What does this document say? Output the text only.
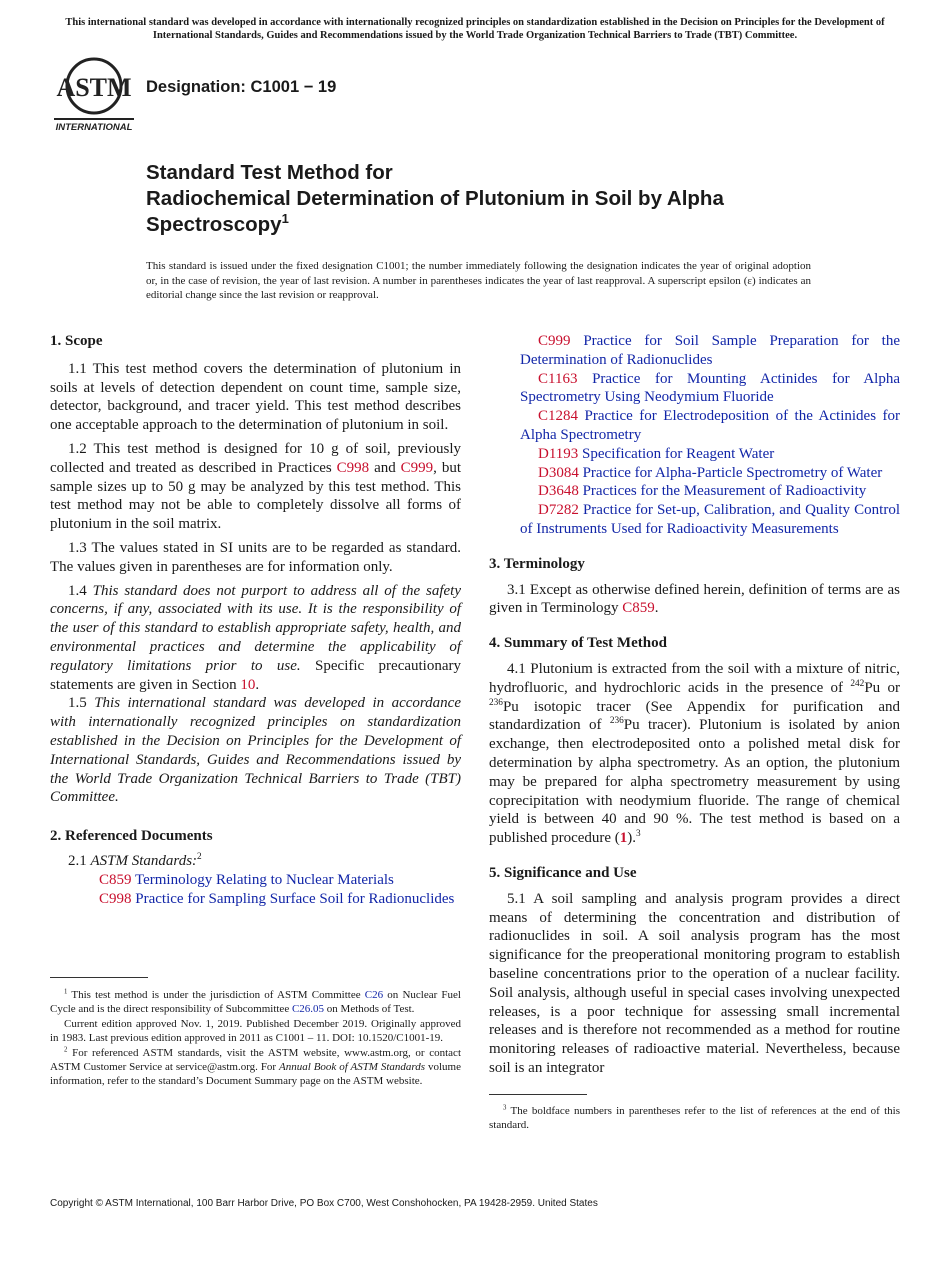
This international standard was developed in accordance with internationally recognized principles on standardization established in the Decision on Principles for the Development of International Standards, Guides and Recommendations issued by the World Trade Organization Technical Barriers to Trade (TBT) Committee.
ASTM
INTERNATIONAL
Designation: C1001 − 19
Standard Test Method for
Radiochemical Determination of Plutonium in Soil by Alpha Spectroscopy$^1$
This standard is issued under the fixed designation C1001; the number immediately following the designation indicates the year of original adoption or, in the case of revision, the year of last revision. A number in parentheses indicates the year of last reapproval. A superscript epsilon (ε) indicates an editorial change since the last revision or reapproval.

1. Scope

1.1 This test method covers the determination of plutonium in soils at levels of detection dependent on count time, sample size, detector, background, and tracer yield. This test method describes one acceptable approach to the determination of plutonium in soil.

1.2 This test method is designed for 10 g of soil, previously collected and treated as described in Practices C998 and C999, but sample sizes up to 50 g may be analyzed by this test method. This test method may not be able to completely dissolve all forms of plutonium in the soil matrix.

1.3 The values stated in SI units are to be regarded as standard. The values given in parentheses are for information only.

1.4 This standard does not purport to address all of the safety concerns, if any, associated with its use. It is the responsibility of the user of this standard to establish appropriate safety, health, and environmental practices and determine the applicability of regulatory limitations prior to use. Specific precautionary statements are given in Section 10.

1.5 This international standard was developed in accordance with internationally recognized principles on standardization established in the Decision on Principles for the Development of International Standards, Guides and Recommendations issued by the World Trade Organization Technical Barriers to Trade (TBT) Committee.

2. Referenced Documents

2.1 ASTM Standards:$^2$

C859 Terminology Relating to Nuclear Materials

C998 Practice for Sampling Surface Soil for Radionuclides

$^1$ This test method is under the jurisdiction of ASTM Committee C26 on Nuclear Fuel Cycle and is the direct responsibility of Subcommittee C26.05 on Methods of Test.

Current edition approved Nov. 1, 2019. Published December 2019. Originally approved in 1983. Last previous edition approved in 2011 as C1001 – 11. DOI: 10.1520/C1001-19.

$^2$ For referenced ASTM standards, visit the ASTM website, www.astm.org, or contact ASTM Customer Service at service@astm.org. For Annual Book of ASTM Standards volume information, refer to the standard’s Document Summary page on the ASTM website.

C999 Practice for Soil Sample Preparation for the Determination of Radionuclides

C1163 Practice for Mounting Actinides for Alpha Spectrometry Using Neodymium Fluoride

C1284 Practice for Electrodeposition of the Actinides for Alpha Spectrometry

D1193 Specification for Reagent Water

D3084 Practice for Alpha-Particle Spectrometry of Water

D3648 Practices for the Measurement of Radioactivity

D7282 Practice for Set-up, Calibration, and Quality Control of Instruments Used for Radioactivity Measurements

3. Terminology

3.1 Except as otherwise defined herein, definition of terms are as given in Terminology C859.

4. Summary of Test Method

4.1 Plutonium is extracted from the soil with a mixture of nitric, hydrofluoric, and hydrochloric acids in the presence of $^{242}$Pu or $^{236}$Pu isotopic tracer (See Appendix for purification and standardization of $^{236}$Pu tracer). Plutonium is isolated by anion exchange, then electrodeposited onto a polished metal disk for determination by alpha spectrometry. As an option, the plutonium may be prepared for alpha spectrometry measurement by using coprecipitation with neodymium fluoride. The range of chemical yield is between 40 and 90 %. The test method is based on a published procedure (1).$^3$

5. Significance and Use

5.1 A soil sampling and analysis program provides a direct means of determining the concentration and distribution of radionuclides in soil. A soil analysis program has the most significance for the preoperational monitoring program to establish baseline concentrations prior to the operation of a nuclear facility. Soil analysis, although useful in special cases involving unexpected releases, is a poor technique for assessing small incremental releases and is therefore not recommended as a method for routine monitoring releases of radioactive material. Nevertheless, because soil is an integrator

$^3$ The boldface numbers in parentheses refer to the list of references at the end of this standard.

Copyright © ASTM International, 100 Barr Harbor Drive, PO Box C700, West Conshohocken, PA 19428-2959. United States
